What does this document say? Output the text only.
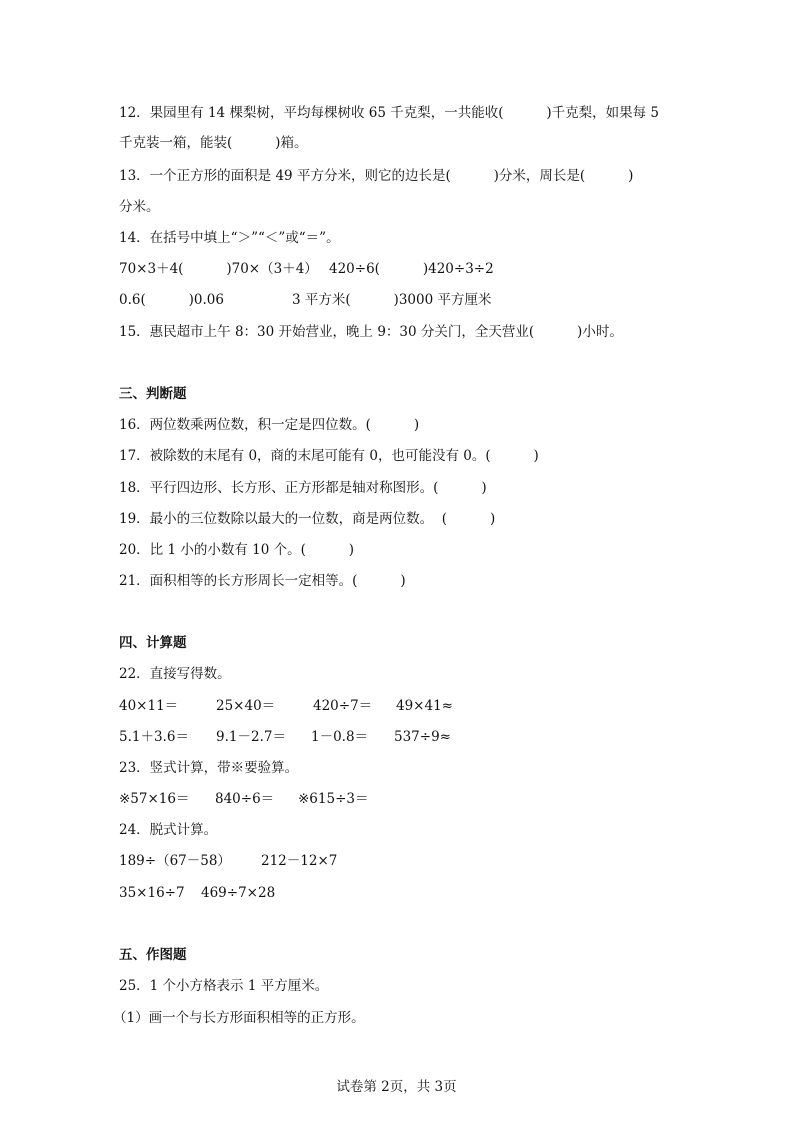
12．果园里有 14 棵梨树，平均每棵树收 65 千克梨，一共能收(          )千克梨，如果每 5
千克装一箱，能装(          )箱。
13．一个正方形的面积是 49 平方分米，则它的边长是(          )分米，周长是(          )
分米。
14．在括号中填上“＞”“＜”或“＝”。
70×3＋4(          )70×（3＋4） 420÷6(          )420÷3÷2
0.6(          )0.06	3 平方米(          )3000 平方厘米
15．惠民超市上午 8：30 开始营业，晚上 9：30 分关门，全天营业(          )小时。
三、判断题
16．两位数乘两位数，积一定是四位数。(          )
17．被除数的末尾有 0，商的末尾可能有 0，也可能没有 0。(          )
18．平行四边形、长方形、正方形都是轴对称图形。(          )
19．最小的三位数除以最大的一位数，商是两位数。  (          )
20．比 1 小的小数有 10 个。(          )
21．面积相等的长方形周长一定相等。(          )
四、计算题
22．直接写得数。
40×11＝	25×40＝	420÷7＝ 49×41≈
5.1＋3.6＝ 9.1－2.7＝ 1－0.8＝ 537÷9≈
23．竖式计算，带※要验算。
※57×16＝ 840÷6＝ ※615÷3＝
24．脱式计算。
189÷（67－58） 212－12×7
35×16÷7 469÷7×28
五、作图题
25．1 个小方格表示 1 平方厘米。
（1）画一个与长方形面积相等的正方形。
试卷第 2页，共 3页
